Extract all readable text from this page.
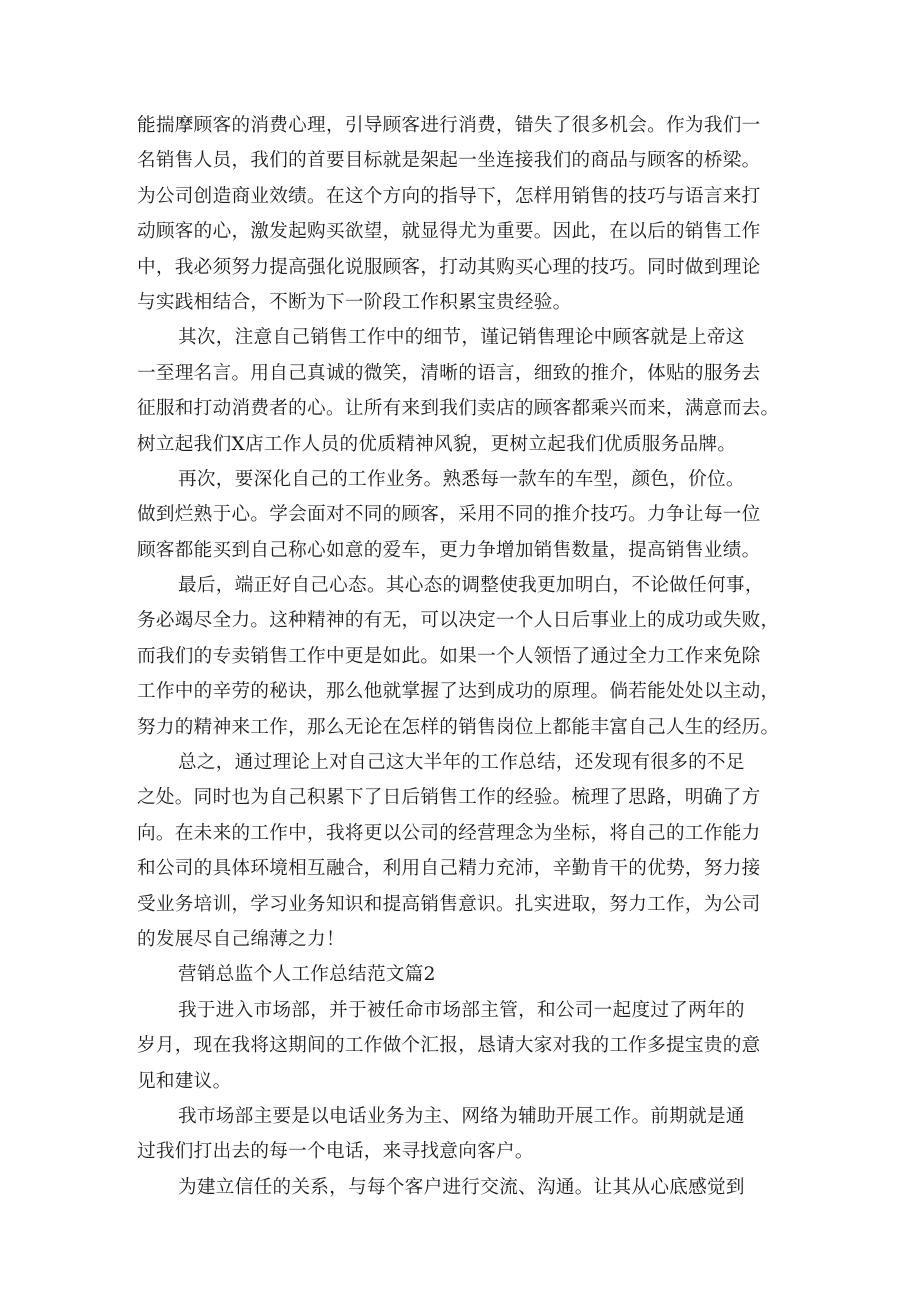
能揣摩顾客的消费心理，引导顾客进行消费，错失了很多机会。作为我们一
名销售人员，我们的首要目标就是架起一坐连接我们的商品与顾客的桥梁。
为公司创造商业效绩。在这个方向的指导下，怎样用销售的技巧与语言来打
动顾客的心，激发起购买欲望，就显得尤为重要。因此，在以后的销售工作
中，我必须努力提高强化说服顾客，打动其购买心理的技巧。同时做到理论
与实践相结合，不断为下一阶段工作积累宝贵经验。
其次，注意自己销售工作中的细节，谨记销售理论中顾客就是上帝这
一至理名言。用自己真诚的微笑，清晰的语言，细致的推介，体贴的服务去
征服和打动消费者的心。让所有来到我们卖店的顾客都乘兴而来，满意而去。
树立起我们X店工作人员的优质精神风貌，更树立起我们优质服务品牌。
再次，要深化自己的工作业务。熟悉每一款车的车型，颜色，价位。
做到烂熟于心。学会面对不同的顾客，采用不同的推介技巧。力争让每一位
顾客都能买到自己称心如意的爱车，更力争增加销售数量，提高销售业绩。
最后，端正好自己心态。其心态的调整使我更加明白，不论做任何事，
务必竭尽全力。这种精神的有无，可以决定一个人日后事业上的成功或失败，
而我们的专卖销售工作中更是如此。如果一个人领悟了通过全力工作来免除
工作中的辛劳的秘诀，那么他就掌握了达到成功的原理。倘若能处处以主动，
努力的精神来工作，那么无论在怎样的销售岗位上都能丰富自己人生的经历。
总之，通过理论上对自己这大半年的工作总结，还发现有很多的不足
之处。同时也为自己积累下了日后销售工作的经验。梳理了思路，明确了方
向。在未来的工作中，我将更以公司的经营理念为坐标，将自己的工作能力
和公司的具体环境相互融合，利用自己精力充沛，辛勤肯干的优势，努力接
受业务培训，学习业务知识和提高销售意识。扎实进取，努力工作，为公司
的发展尽自己绵薄之力！
营销总监个人工作总结范文篇2
我于进入市场部，并于被任命市场部主管，和公司一起度过了两年的
岁月，现在我将这期间的工作做个汇报，恳请大家对我的工作多提宝贵的意
见和建议。
我市场部主要是以电话业务为主、网络为辅助开展工作。前期就是通
过我们打出去的每一个电话，来寻找意向客户。
为建立信任的关系，与每个客户进行交流、沟通。让其从心底感觉到
